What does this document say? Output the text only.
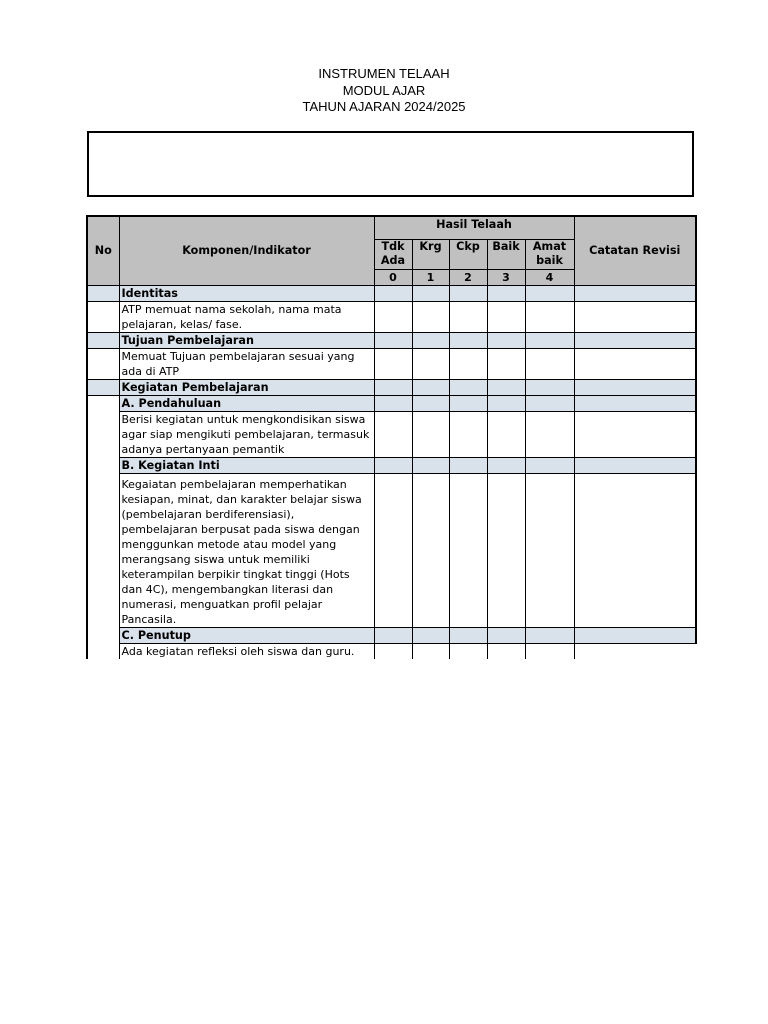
INSTRUMEN TELAAH
MODUL AJAR
TAHUN AJARAN 2024/2025
No	Komponen/Indikator	Hasil Telaah					Catatan Revisi
		Tdk Ada	Krg	Ckp	Baik	Amat baik	
		0	1	2	3	4	
	Identitas						
	ATP memuat nama sekolah, nama mata pelajaran, kelas/ fase.						
	Tujuan Pembelajaran						
	Memuat Tujuan pembelajaran sesuai yang ada di ATP						
	Kegiatan Pembelajaran						
	A. Pendahuluan						
	Berisi kegiatan untuk mengkondisikan siswa agar siap mengikuti pembelajaran, termasuk adanya pertanyaan pemantik						
	B. Kegiatan Inti						
	Kegaiatan pembelajaran memperhatikan kesiapan, minat, dan karakter belajar siswa (pembelajaran berdiferensiasi), pembelajaran berpusat pada siswa dengan menggunkan metode atau model yang merangsang siswa untuk memiliki keterampilan berpikir tingkat tinggi (Hots dan 4C), mengembangkan literasi dan numerasi, menguatkan profil pelajar Pancasila.						
	C. Penutup						
	Ada kegiatan refleksi oleh siswa dan guru.						
